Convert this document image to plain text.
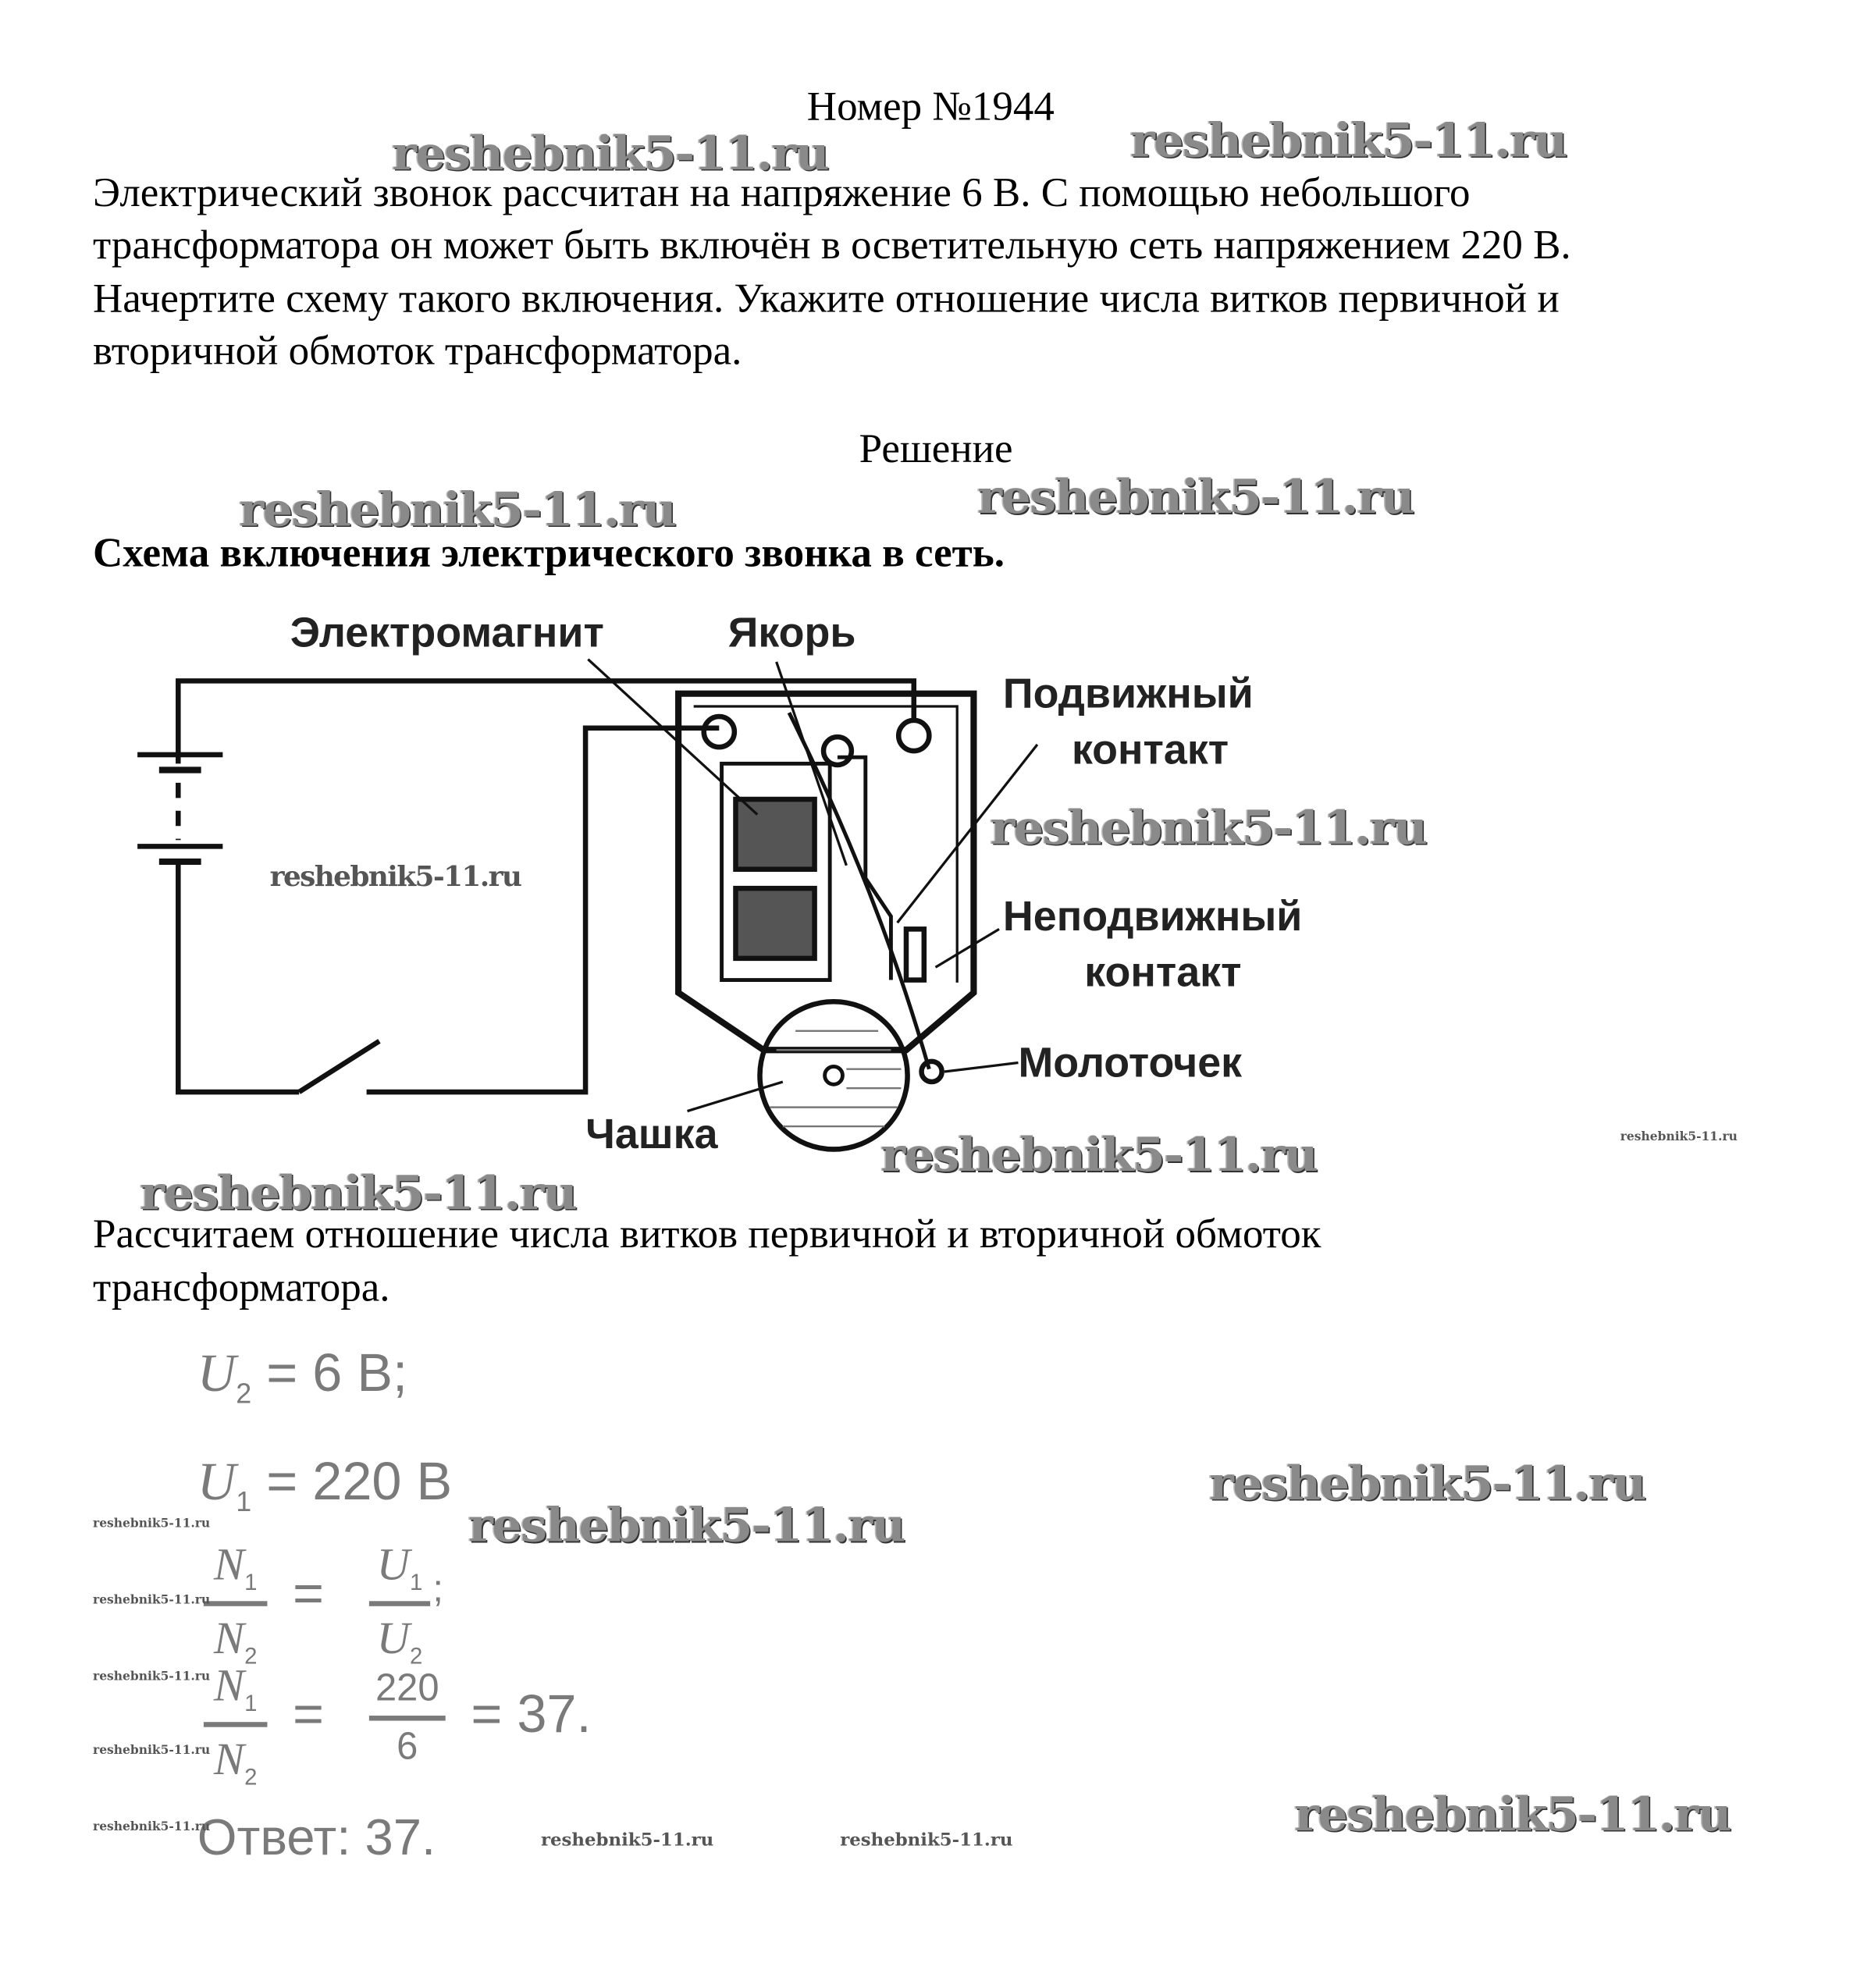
Номер №1944
Электрический звонок рассчитан на напряжение 6 В. С помощью небольшого
трансформатора он может быть включён в осветительную сеть напряжением 220 В.
Начертите схему такого включения. Укажите отношение числа витков первичной и
вторичной обмоток трансформатора.
Решение
Схема включения электрического звонка в сеть.
Электромагнит	Якорь
Подвижный
контакт
Неподвижный
контакт
Молоточек
Чашка
Рассчитаем отношение числа витков первичной и вторичной обмоток
трансформатора.
$U_2 = 6$ В;
$U_1 = 220$ В
$N_1$
$N_2$
= $U_1$
$U_2$
;
$N_1$
$N_2$
= 220
6
= 37.
Ответ: 37.
reshebnik5-11.ru	reshebnik5-11.ru
reshebnik5-11.ru	reshebnik5-11.ru
reshebnik5-11.ru
reshebnik5-11.ru
reshebnik5-11.ru	reshebnik5-11.ru
reshebnik5-11.ru
reshebnik5-11.ru
reshebnik5-11.ru
reshebnik5-11.ru
reshebnik5-11.ru
reshebnik5-11.ru
reshebnik5-11.ru
reshebnik5-11.ru
reshebnik5-11.ru
reshebnik5-11.ru	reshebnik5-11.ru
